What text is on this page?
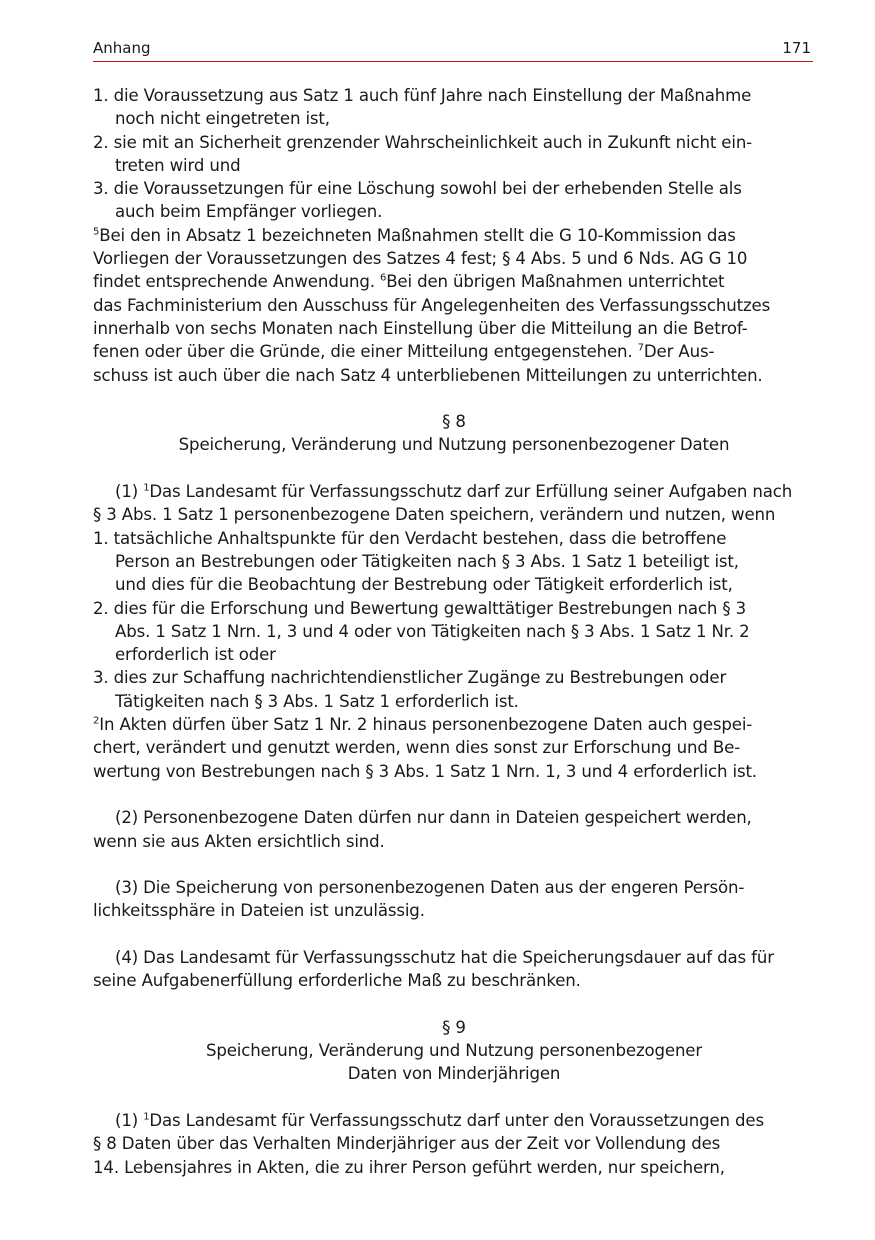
Anhang	171
1. die Voraussetzung aus Satz 1 auch fünf Jahre nach Einstellung der Maßnahme
noch nicht eingetreten ist,
2. sie mit an Sicherheit grenzender Wahrscheinlichkeit auch in Zukunft nicht ein-
treten wird und
3. die Voraussetzungen für eine Löschung sowohl bei der erhebenden Stelle als
auch beim Empfänger vorliegen.
$^5$Bei den in Absatz 1 bezeichneten Maßnahmen stellt die G 10-Kommission das
Vorliegen der Voraussetzungen des Satzes 4 fest; § 4 Abs. 5 und 6 Nds. AG G 10
findet entsprechende Anwendung. $^6$Bei den übrigen Maßnahmen unterrichtet
das Fachministerium den Ausschuss für Angelegenheiten des Verfassungsschutzes
innerhalb von sechs Monaten nach Einstellung über die Mitteilung an die Betrof-
fenen oder über die Gründe, die einer Mitteilung entgegenstehen. $^7$Der Aus-
schuss ist auch über die nach Satz 4 unterbliebenen Mitteilungen zu unterrichten.
§ 8
Speicherung, Veränderung und Nutzung personenbezogener Daten
(1) $^1$Das Landesamt für Verfassungsschutz darf zur Erfüllung seiner Aufgaben nach
§ 3 Abs. 1 Satz 1 personenbezogene Daten speichern, verändern und nutzen, wenn
1. tatsächliche Anhaltspunkte für den Verdacht bestehen, dass die betroffene
Person an Bestrebungen oder Tätigkeiten nach § 3 Abs. 1 Satz 1 beteiligt ist,
und dies für die Beobachtung der Bestrebung oder Tätigkeit erforderlich ist,
2. dies für die Erforschung und Bewertung gewalttätiger Bestrebungen nach § 3
Abs. 1 Satz 1 Nrn. 1, 3 und 4 oder von Tätigkeiten nach § 3 Abs. 1 Satz 1 Nr. 2
erforderlich ist oder
3. dies zur Schaffung nachrichtendienstlicher Zugänge zu Bestrebungen oder
Tätigkeiten nach § 3 Abs. 1 Satz 1 erforderlich ist.
$^2$In Akten dürfen über Satz 1 Nr. 2 hinaus personenbezogene Daten auch gespei-
chert, verändert und genutzt werden, wenn dies sonst zur Erforschung und Be-
wertung von Bestrebungen nach § 3 Abs. 1 Satz 1 Nrn. 1, 3 und 4 erforderlich ist.
(2) Personenbezogene Daten dürfen nur dann in Dateien gespeichert werden,
wenn sie aus Akten ersichtlich sind.
(3) Die Speicherung von personenbezogenen Daten aus der engeren Persön-
lichkeitssphäre in Dateien ist unzulässig.
(4) Das Landesamt für Verfassungsschutz hat die Speicherungsdauer auf das für
seine Aufgabenerfüllung erforderliche Maß zu beschränken.
§ 9
Speicherung, Veränderung und Nutzung personenbezogener
Daten von Minderjährigen
(1) $^1$Das Landesamt für Verfassungsschutz darf unter den Voraussetzungen des
§ 8 Daten über das Verhalten Minderjähriger aus der Zeit vor Vollendung des
14. Lebensjahres in Akten, die zu ihrer Person geführt werden, nur speichern,
